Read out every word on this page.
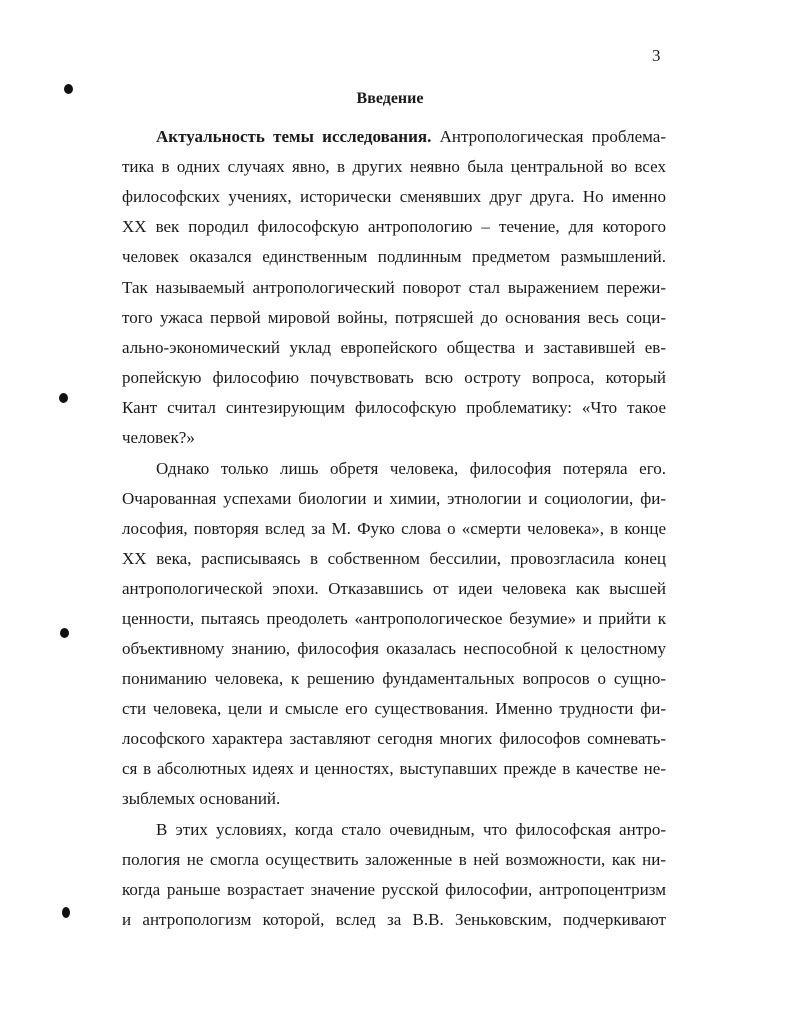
3
Введение
Актуальность темы исследования. Антропологическая проблема-
тика в одних случаях явно, в других неявно была центральной во всех
философских учениях, исторически сменявших друг друга. Но именно
XX век породил философскую антропологию – течение, для которого
человек оказался единственным подлинным предметом размышлений.
Так называемый антропологический поворот стал выражением пережи-
того ужаса первой мировой войны, потрясшей до основания весь соци-
ально-экономический уклад европейского общества и заставившей ев-
ропейскую философию почувствовать всю остроту вопроса, который
Кант считал синтезирующим философскую проблематику: «Что такое
человек?»
Однако только лишь обретя человека, философия потеряла его.
Очарованная успехами биологии и химии, этнологии и социологии, фи-
лософия, повторяя вслед за М. Фуко слова о «смерти человека», в конце
XX века, расписываясь в собственном бессилии, провозгласила конец
антропологической эпохи. Отказавшись от идеи человека как высшей
ценности, пытаясь преодолеть «антропологическое безумие» и прийти к
объективному знанию, философия оказалась неспособной к целостному
пониманию человека, к решению фундаментальных вопросов о сущно-
сти человека, цели и смысле его существования. Именно трудности фи-
лософского характера заставляют сегодня многих философов сомневать-
ся в абсолютных идеях и ценностях, выступавших прежде в качестве не-
зыблемых оснований.
В этих условиях, когда стало очевидным, что философская антро-
пология не смогла осуществить заложенные в ней возможности, как ни-
когда раньше возрастает значение русской философии, антропоцентризм
и антропологизм которой, вслед за В.В. Зеньковским, подчеркивают
